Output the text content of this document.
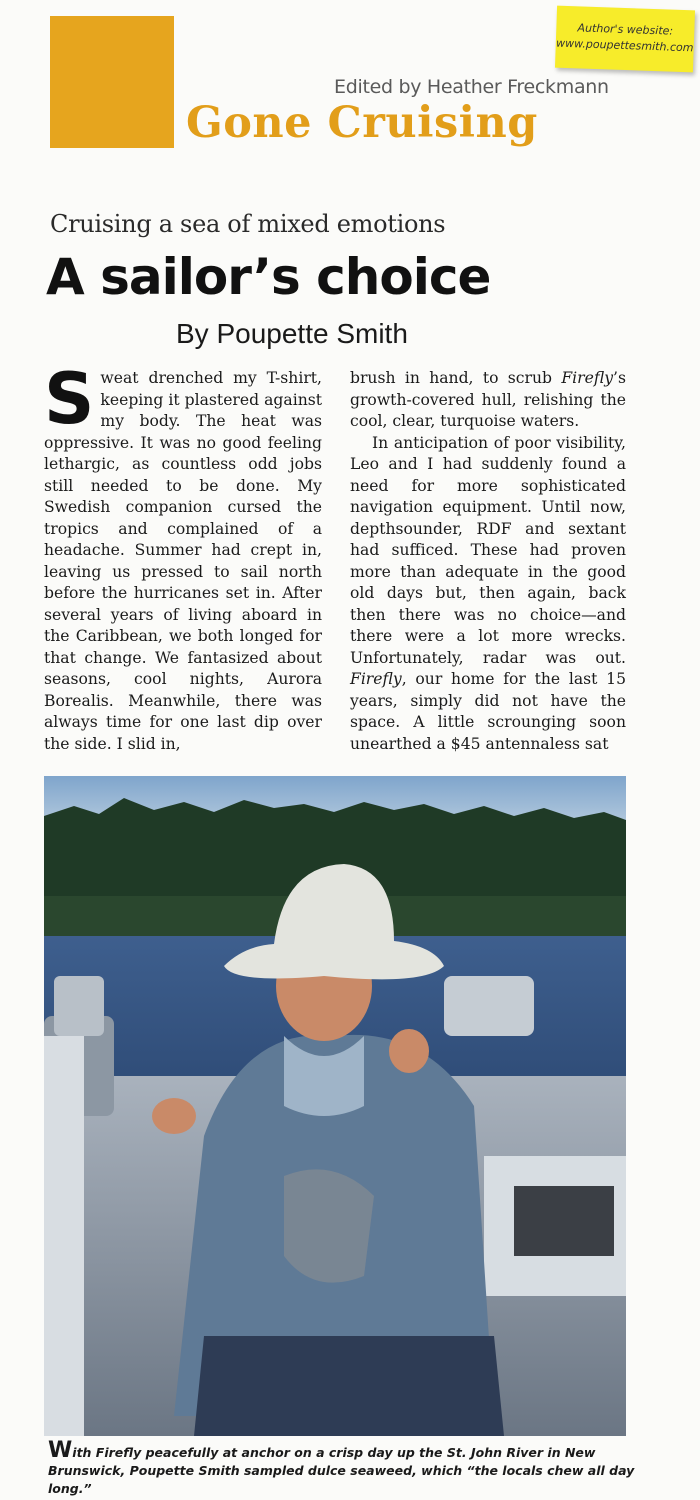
Edited by Heather Freckmann
Gone Cruising
Author's website:
www.poupettesmith.com
Cruising a sea of mixed emotions
A sailor’s choice
By Poupette Smith

Sweat drenched my T-shirt, keeping it plastered against my body. The heat was oppressive. It was no good feeling lethargic, as countless odd jobs still needed to be done. My Swedish companion cursed the tropics and complained of a headache. Summer had crept in, leaving us pressed to sail north before the hurricanes set in. After several years of living aboard in the Caribbean, we both longed for that change. We fantasized about seasons, cool nights, Aurora Borealis. Meanwhile, there was always time for one last dip over the side. I slid in,

brush in hand, to scrub Firefly’s growth-covered hull, relishing the cool, clear, turquoise waters.

In anticipation of poor visibility, Leo and I had suddenly found a need for more sophisticated navigation equipment. Until now, depthsounder, RDF and sextant had sufficed. These had proven more than adequate in the good old days but, then again, back then there was no choice—and there were a lot more wrecks. Unfortunately, radar was out. Firefly, our home for the last 15 years, simply did not have the space. A little scrounging soon unearthed a $45 antennaless sat

With Firefly peacefully at anchor on a crisp day up the St. John River in New Brunswick, Poupette Smith sampled dulce seaweed, which “the locals chew all day long.”
